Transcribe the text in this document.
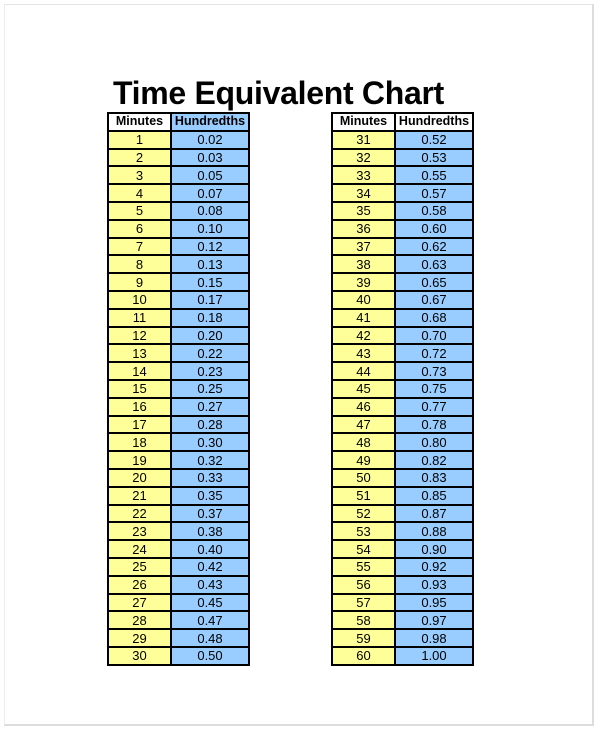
Time Equivalent Chart
Minutes	Hundredths
1	0.02
2	0.03
3	0.05
4	0.07
5	0.08
6	0.10
7	0.12
8	0.13
9	0.15
10	0.17
11	0.18
12	0.20
13	0.22
14	0.23
15	0.25
16	0.27
17	0.28
18	0.30
19	0.32
20	0.33
21	0.35
22	0.37
23	0.38
24	0.40
25	0.42
26	0.43
27	0.45
28	0.47
29	0.48
30	0.50
Minutes	Hundredths
31	0.52
32	0.53
33	0.55
34	0.57
35	0.58
36	0.60
37	0.62
38	0.63
39	0.65
40	0.67
41	0.68
42	0.70
43	0.72
44	0.73
45	0.75
46	0.77
47	0.78
48	0.80
49	0.82
50	0.83
51	0.85
52	0.87
53	0.88
54	0.90
55	0.92
56	0.93
57	0.95
58	0.97
59	0.98
60	1.00
